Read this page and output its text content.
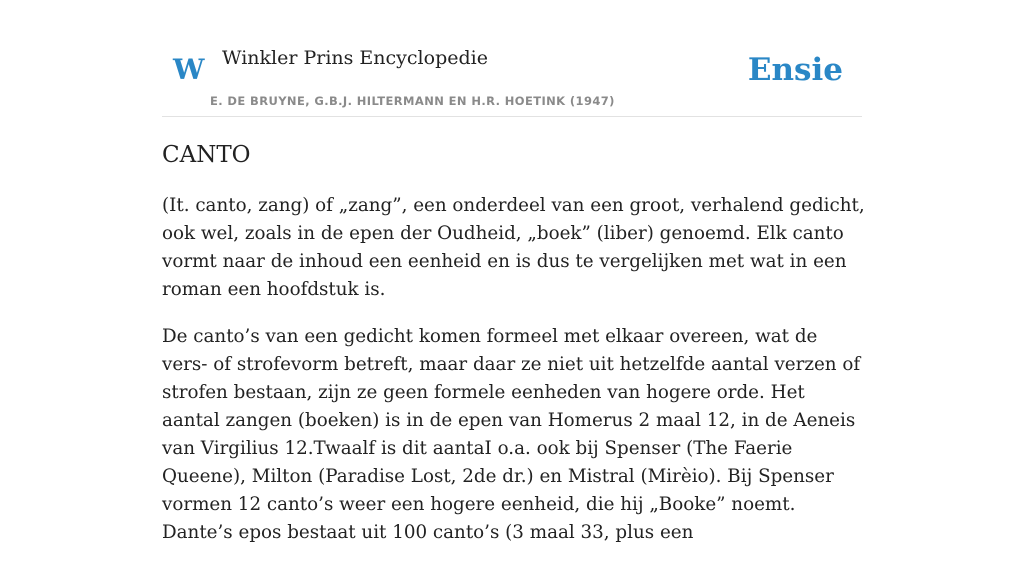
W Winkler Prins Encyclopedie
E. DE BRUYNE, G.B.J. HILTERMANN EN H.R. HOETINK (1947)
Ensie
CANTO

(It. canto, zang) of „zang”, een onderdeel van een groot, verhalend gedicht, ook wel, zoals in de epen der Oudheid, „boek” (liber) genoemd. Elk canto vormt naar de inhoud een eenheid en is dus te vergelijken met wat in een roman een hoofdstuk is.

De canto’s van een gedicht komen formeel met elkaar overeen, wat de vers- of strofevorm betreft, maar daar ze niet uit hetzelfde aantal verzen of strofen bestaan, zijn ze geen formele eenheden van hogere orde. Het aantal zangen (boeken) is in de epen van Homerus 2 maal 12, in de Aeneis van Virgilius 12.Twaalf is dit aantaI o.a. ook bij Spenser (The Faerie Queene), Milton (Paradise Lost, 2de dr.) en Mistral (Mirèio). Bij Spenser vormen 12 canto’s weer een hogere eenheid, die hij „Booke” noemt. Dante’s epos bestaat uit 100 canto’s (3 maal 33, plus een
